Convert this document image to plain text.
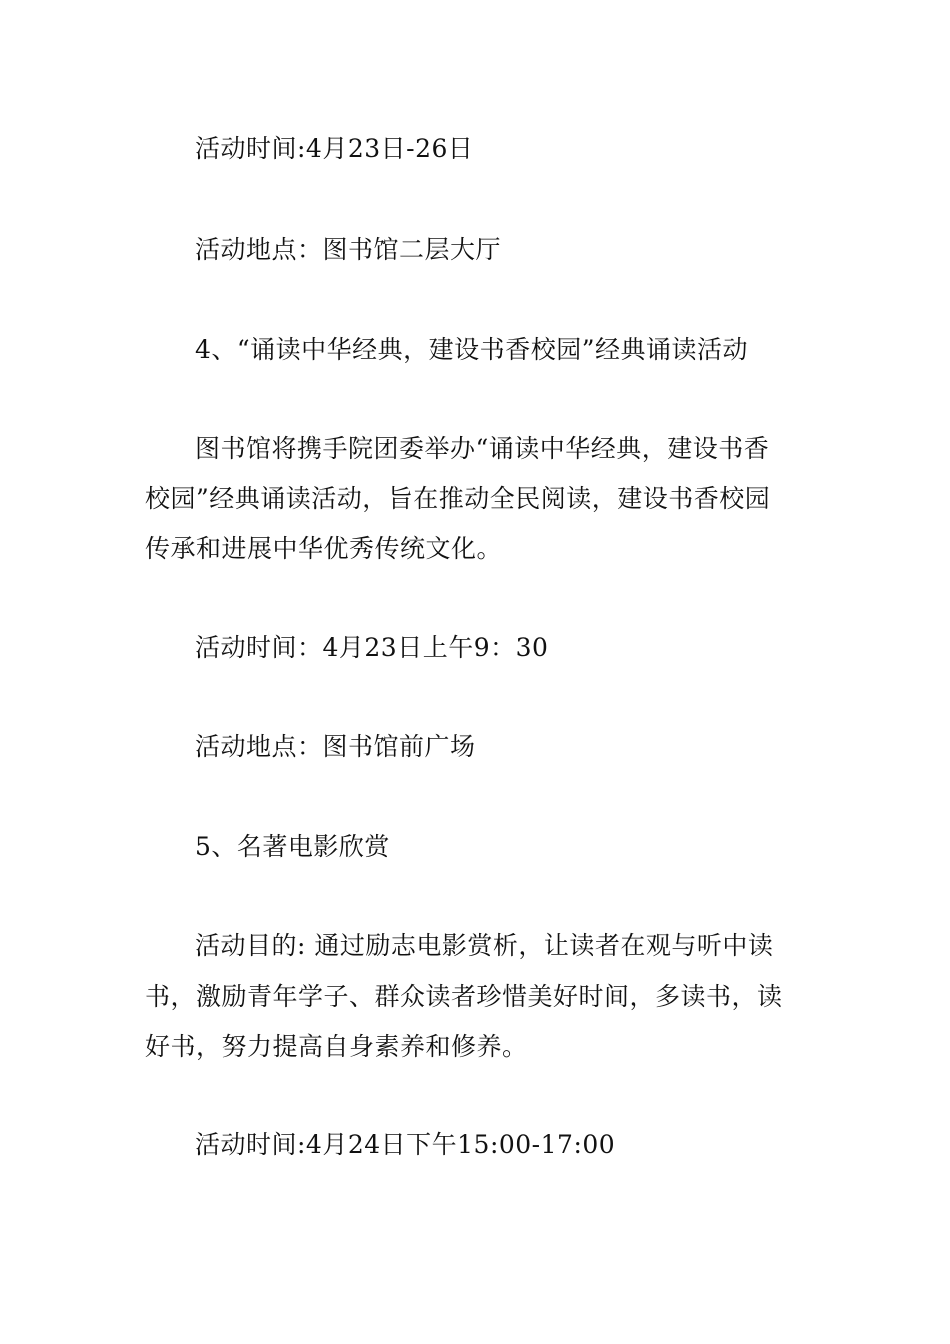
活动时间:4月23日-26日
活动地点：图书馆二层大厅
4、“诵读中华经典，建设书香校园”经典诵读活动
图书馆将携手院团委举办“诵读中华经典，建设书香
校园”经典诵读活动，旨在推动全民阅读，建设书香校园
传承和进展中华优秀传统文化。
活动时间：4月23日上午9：30
活动地点：图书馆前广场
5、名著电影欣赏
活动目的: 通过励志电影赏析，让读者在观与听中读
书，激励青年学子、群众读者珍惜美好时间，多读书，读
好书，努力提高自身素养和修养。
活动时间:4月24日下午15:00-17:00
